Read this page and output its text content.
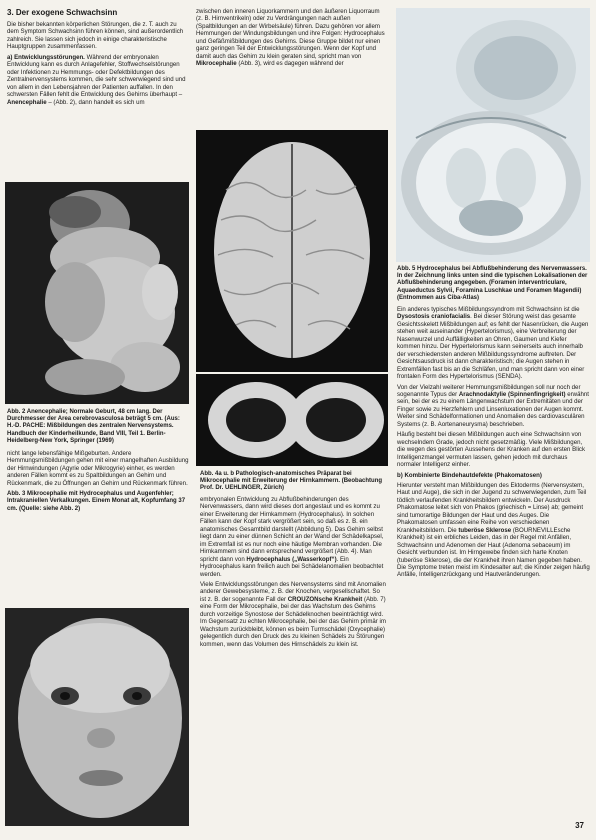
3. Der exogene Schwachsinn

Die bisher bekannten körperlichen Störungen, die z. T. auch zu dem Symptom Schwachsinn führen können, sind außerordentlich zahlreich. Sie lassen sich jedoch in einige charakteristische Hauptgruppen zusammenfassen.

a) Entwicklungsstörungen. Während der embryonalen Entwicklung kann es durch Anlagefehler, Stoffwechselstörungen oder Infektionen zu Hemmungs- oder Defektbildungen des Zentralnervensystems kommen, die sehr schwerwiegend sind und von allem in den Lebensjahren der Patienten auffallen. In den schwersten Fällen fehlt die Entwicklung des Gehirns überhaupt – Anencephalie – (Abb. 2), dann handelt es sich um

Abb. 2 Anencephalie; Normale Geburt, 48 cm lang. Der Durchmesser der Area cerebrovasculosa beträgt 5 cm. (Aus: H.-D. PACHE: Mißbildungen des zentralen Nervensystems. Handbuch der Kinderheilkunde, Band VIII, Teil 1. Berlin-Heidelberg-New York, Springer (1969)

nicht lange lebensfähige Mißgeburten. Andere Hemmungsmißbildungen gehen mit einer mangelhaften Ausbildung der Hirnwindungen (Agyrie oder Mikrogyrie) einher, es werden anderen Fällen kommt es zu Spaltbildungen an Gehirn und Rückenmark, die zu Öffnungen an Gehirn und Rückenmark führen.

Abb. 3 Mikrocephalie mit Hydrocephalus und Augenfehler; Intrakraniellen Verkalkungen. Einem Monat alt, Kopfumfang 37 cm. (Quelle: siehe Abb. 2)

zwischen den inneren Liquorkammern und den äußeren Liquorraum (z. B. Hirnventrikeln) oder zu Verdrängungen nach außen (Spaltbildungen an der Wirbelsäule) führen. Dazu gehören vor allem Hemmungen der Windungsbildungen und ihre Folgen: Hydrocephalus und Gefäßmißbildungen des Gehirns. Diese Gruppe bildet nur einen ganz geringen Teil der Entwicklungsstörungen. Wenn der Kopf und damit auch das Gehirn zu klein geraten sind, spricht man von Mikrocephalie (Abb. 3), wird es dagegen während der

Abb. 4a u. b Pathologisch-anatomisches Präparat bei Mikrocephalie mit Erweiterung der Hirnkammern. (Beobachtung Prof. Dr. UEHLINGER, Zürich)

embryonalen Entwicklung zu Abflußbehinderungen des Nervenwassers, dann wird dieses dort angestaut und es kommt zu einer Erweiterung der Hirnkammern (Hydrocephalus). In solchen Fällen kann der Kopf stark vergrößert sein, so daß es z. B. ein anatomisches Gesamtbild darstellt (Abbildung 5). Das Gehirn selbst liegt dann zu einer dünnen Schicht an der Wand der Schädelkapsel, im Extremfall ist es nur noch eine häutige Membran vorhanden. Die Hirnkammern sind dann entsprechend vergrößert (Abb. 4). Man spricht dann von Hydrocephalus („Wasserkopf“). Ein Hydrocephalus kann freilich auch bei Schädelanomalien beobachtet werden.

Viele Entwicklungsstörungen des Nervensystems sind mit Anomalien anderer Gewebesysteme, z. B. der Knochen, vergesellschaftet. So ist z. B. der sogenannte Fall der CROUZONsche Krankheit (Abb. 7) eine Form der Mikrocephalie, bei der das Wachstum des Gehirns durch vorzeitige Synostose der Schädelknochen beeinträchtigt wird. Im Gegensatz zu echten Mikrocephalie, bei der das Gehirn primär im Wachstum zurückbleibt, können es beim Turmschädel (Oxycephalie) gelegentlich durch den Druck des zu kleinen Schädels zu Störungen kommen, wenn das Volumen des Hirnschädels zu klein ist.

Abb. 5 Hydrocephalus bei Abflußbehinderung des Nervenwassers. In der Zeichnung links unten sind die typischen Lokalisationen der Abflußbehinderung angegeben. (Foramen interventriculare, Aquaeductus Sylvii, Foramina Luschkae und Foramen Magendii) (Entnommen aus Ciba-Atlas)

Ein anderes typisches Mißbildungssyndrom mit Schwachsinn ist die Dysostosis craniofacialis. Bei dieser Störung weist das gesamte Gesichtsskelett Mißbildungen auf; es fehlt der Nasenrücken, die Augen stehen weit auseinander (Hypertelorismus), eine Verbreiterung der Nasenwurzel und Auffälligkeiten an Ohren, Gaumen und Kiefer kommen hinzu. Der Hypertelorismus kann seinerseits auch innerhalb der verschiedensten anderen Mißbildungssyndrome auftreten. Der Gesichtsausdruck ist dann charakteristisch; die Augen stehen in Extremfällen fast bis an die Schläfen, und man spricht dann von einer frontalen Form des Hypertelorismus (SENDA).

Von der Vielzahl weiterer Hemmungsmißbildungen soll nur noch der sogenannte Typus der Arachnodaktylie (Spinnenfingrigkeit) erwähnt sein, bei der es zu einem Längenwachstum der Extremitäten und der Finger sowie zu Herzfehlern und Linsenluxationen der Augen kommt. Weiter sind Schädelformationen und Anomalien des cardiovasculären Systems (z. B. Aortenaneurysma) beschrieben.

Häufig besteht bei diesen Mißbildungen auch eine Schwachsinn von wechselndem Grade, jedoch nicht gesetzmäßig. Viele Mißbildungen, die wegen des gestörten Aussehens der Kranken auf den ersten Blick Intelligenzmangel vermuten lassen, gehen jedoch mit durchaus normaler Intelligenz einher.

b) Kombinierte Bindehautdefekte (Phakomatosen)

Hierunter versteht man Mißbildungen des Ektoderms (Nervensystem, Haut und Auge), die sich in der Jugend zu schwerwiegenden, zum Teil tödlich verlaufenden Krankheitsbildern entwickeln. Der Ausdruck Phakomatose leitet sich von Phakos (griechisch = Linse) ab; gemeint sind tumorartige Bildungen der Haut und des Auges. Die Phakomatosen umfassen eine Reihe von verschiedenen Krankheitsbildern. Die tuberöse Sklerose (BOURNEVILLEsche Krankheit) ist ein erbliches Leiden, das in der Regel mit Anfällen, Schwachsinn und Adenomen der Haut (Adenoma sebaceum) im Gesicht verbunden ist. Im Hirngewebe finden sich harte Knoten (tuberöse Sklerose), die der Krankheit ihren Namen gegeben haben. Die Symptome treten meist im Kindesalter auf; die Kinder zeigen häufig Anfälle, Intelligenzrückgang und Hautveränderungen.

37
